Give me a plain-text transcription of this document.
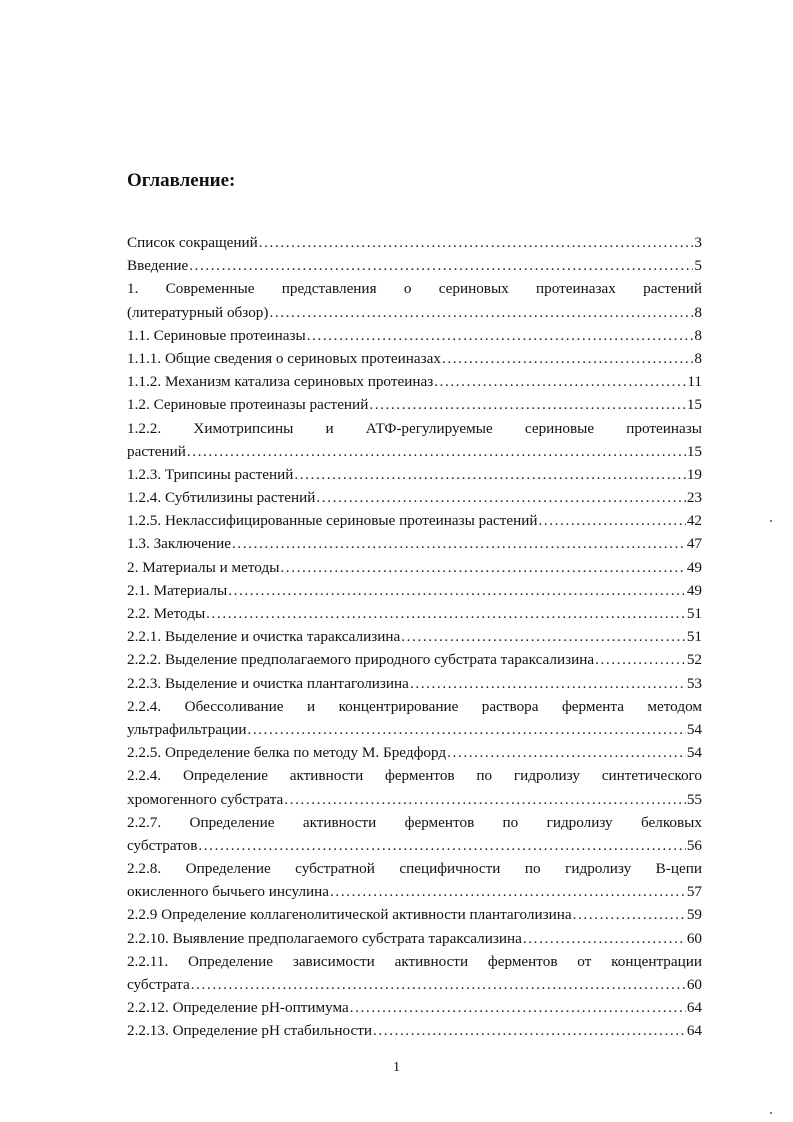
Оглавление:
Список сокращений .....	3
Введение .....	5
1. Современные представления о сериновых протеиназах растений
(литературный обзор) .....	8
1.1. Сериновые протеиназы .....	8
1.1.1. Общие сведения о сериновых протеиназах .....	8
1.1.2. Механизм катализа сериновых протеиназ .....	11
1.2. Сериновые протеиназы растений .....	15
1.2.2. Химотрипсины и АТФ-регулируемые сериновые протеиназы
растений .....	15
1.2.3. Трипсины растений .....	19
1.2.4. Субтилизины растений .....	23
1.2.5. Неклассифицированные сериновые протеиназы растений .....	42
1.3. Заключение .....	47
2. Материалы и методы .....	49
2.1. Материалы .....	49
2.2. Методы .....	51
2.2.1. Выделение и очистка тараксализина .....	51
2.2.2. Выделение предполагаемого природного субстрата тараксализина .....	52
2.2.3. Выделение и очистка плантаголизина .....	53
2.2.4. Обессоливание и концентрирование раствора фермента методом
ультрафильтрации .....	54
2.2.5. Определение белка по методу М. Бредфорд .....	54
2.2.4. Определение активности ферментов по гидролизу синтетического
хромогенного субстрата .....	55
2.2.7. Определение активности ферментов по гидролизу белковых
субстратов .....	56
2.2.8. Определение субстратной специфичности по гидролизу В-цепи
окисленного бычьего инсулина .....	57
2.2.9 Определение коллагенолитической активности плантаголизина .....	59
2.2.10. Выявление предполагаемого субстрата тараксализина .....	60
2.2.11. Определение зависимости активности ферментов от концентрации
субстрата .....	60
2.2.12. Определение рН-оптимума .....	64
2.2.13. Определение рН стабильности .....	64
1
